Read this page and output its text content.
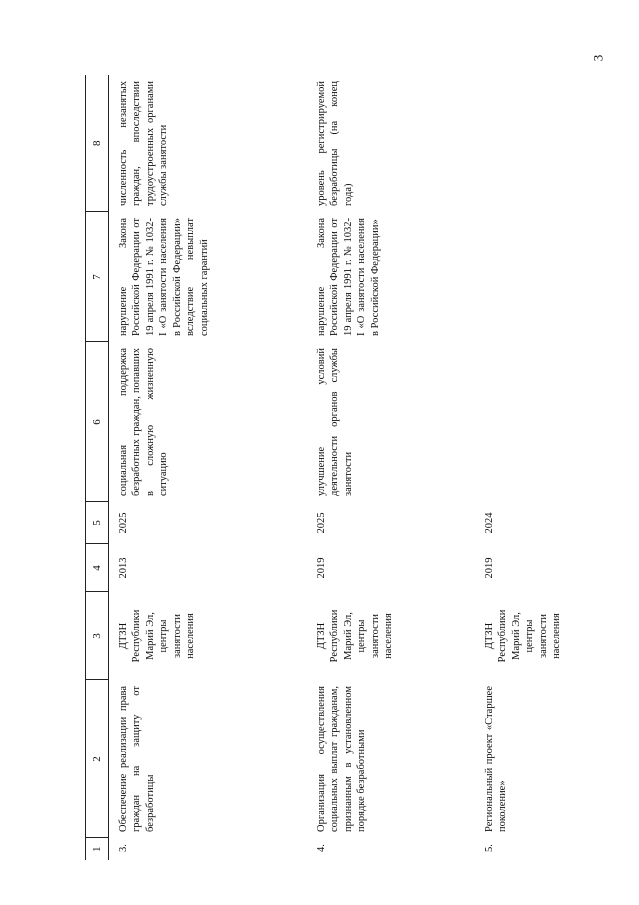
3
1	2	3	4	5	6	7	8
3.	Обеспечение реализации права граждан на защиту от безработицы	ДТЗН Республики Марий Эл, центры занятости населения	2013	2025	социальная поддержка безработных граждан, попавших в сложную жизненную ситуацию	нарушение Закона Российской Федерации от 19 апреля 1991 г. № 1032-I «О занятости населения в Российской Федерации» вследствие невыплат социальных гарантий	численность незанятых граждан, впоследствии трудоустроенных органами службы занятости
4.	Организация осуществления социальных выплат гражданам, признанным в установленном порядке безработными	ДТЗН Республики Марий Эл, центры занятости населения	2019	2025	улучшение условий деятельности органов службы занятости	нарушение Закона Российской Федерации от 19 апреля 1991 г. № 1032-I «О занятости населения в Российской Федерации»	уровень регистрируемой безработицы (на конец года)
5.	Региональный проект «Старшее поколение»	ДТЗН Республики Марий Эл, центры занятости населения	2019	2024			
